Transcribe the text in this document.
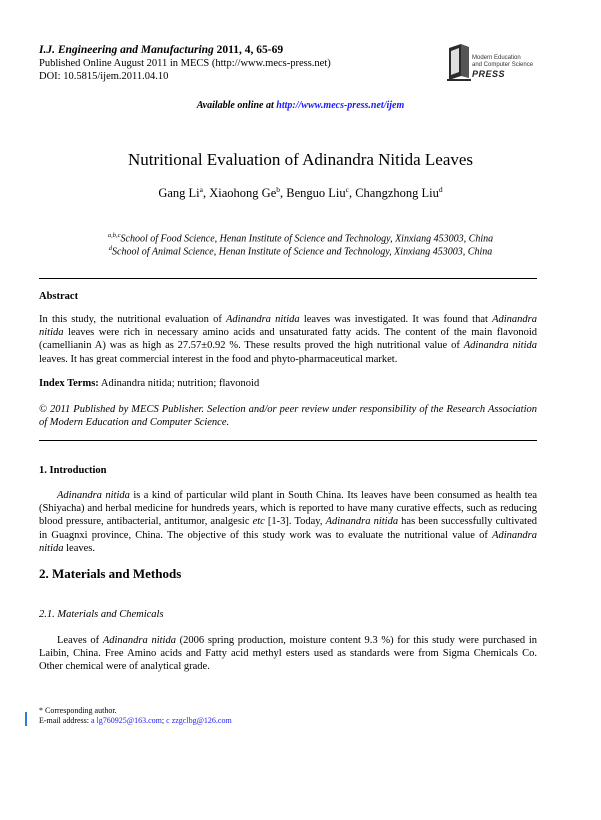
I.J. Engineering and Manufacturing 2011, 4, 65-69
Published Online August 2011 in MECS (http://www.mecs-press.net)
DOI: 10.5815/ijem.2011.04.10
Modern Education
and Computer Science
PRESS
Available online at http://www.mecs-press.net/ijem
Nutritional Evaluation of Adinandra Nitida Leaves
Gang Li$^a$, Xiaohong Ge$^b$, Benguo Liu$^c$, Changzhong Liu$^d$
$^{a,b,c}$School of Food Science, Henan Institute of Science and Technology, Xinxiang 453003, China
$^d$School of Animal Science, Henan Institute of Science and Technology, Xinxiang 453003, China
Abstract
In this study, the nutritional evaluation of Adinandra nitida leaves was investigated. It was found that Adinandra nitida leaves were rich in necessary amino acids and unsaturated fatty acids. The content of the main flavonoid (camellianin A) was as high as 27.57±0.92 %. These results proved the high nutritional value of Adinandra nitida leaves. It has great commercial interest in the food and phyto-pharmaceutical market.
Index Terms: Adinandra nitida; nutrition; flavonoid
© 2011 Published by MECS Publisher. Selection and/or peer review under responsibility of the Research Association of Modern Education and Computer Science.
1. Introduction
Adinandra nitida is a kind of particular wild plant in South China. Its leaves have been consumed as health tea (Shiyacha) and herbal medicine for hundreds years, which is reported to have many curative effects, such as reducing blood pressure, antibacterial, antitumor, analgesic etc [1-3]. Today, Adinandra nitida has been successfully cultivated in Guagnxi province, China. The objective of this study work was to evaluate the nutritional value of Adinandra nitida leaves.
2. Materials and Methods
2.1. Materials and Chemicals
Leaves of Adinandra nitida (2006 spring production, moisture content 9.3 %) for this study were purchased in Laibin, China. Free Amino acids and Fatty acid methyl esters used as standards were from Sigma Chemicals Co. Other chemical were of analytical grade.
* Corresponding author.
E-mail address: a lg760925@163.com; c zzgclbg@126.com
